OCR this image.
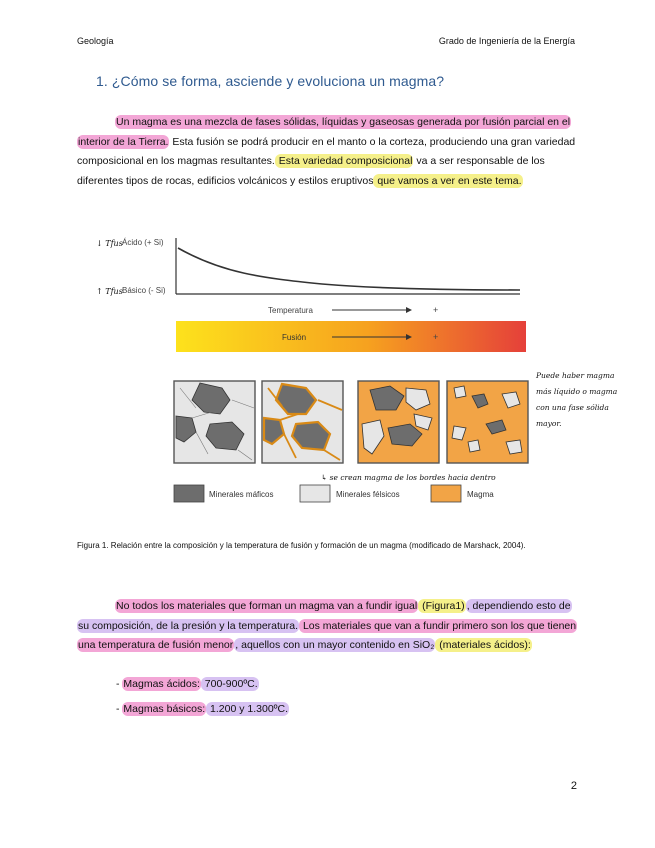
Geología	Grado de Ingeniería de la Energía
1. ¿Cómo se forma, asciende y evoluciona un magma?
Un magma es una mezcla de fases sólidas, líquidas y gaseosas generada por fusión parcial en el interior de la Tierra. Esta fusión se podrá producir en el manto o la corteza, produciendo una gran variedad composicional en los magmas resultantes. Esta variedad composicional va a ser responsable de los diferentes tipos de rocas, edificios volcánicos y estilos eruptivos que vamos a ver en este tema.
↓ Tfus Ácido (+ Si)
↑ Tfus Básico (- Si)
Temperatura	+
Fusión	+
↳ se crean magma de los bordes hacia dentro
Puede haber magma
más líquido o magma
con una fase sólida
mayor.
Minerales máficos	Minerales félsicos	Magma
Figura 1. Relación entre la composición y la temperatura de fusión y formación de un magma (modificado de Marshack, 2004).
No todos los materiales que forman un magma van a fundir igual (Figura1) , dependiendo esto de su composición, de la presión y la temperatura. Los materiales que van a fundir primero son los que tienen una temperatura de fusión menor , aquellos con un mayor contenido en SiO₂ (materiales ácidos):
- Magmas ácidos: 700-900ºC.
- Magmas básicos: 1.200 y 1.300ºC.
2
